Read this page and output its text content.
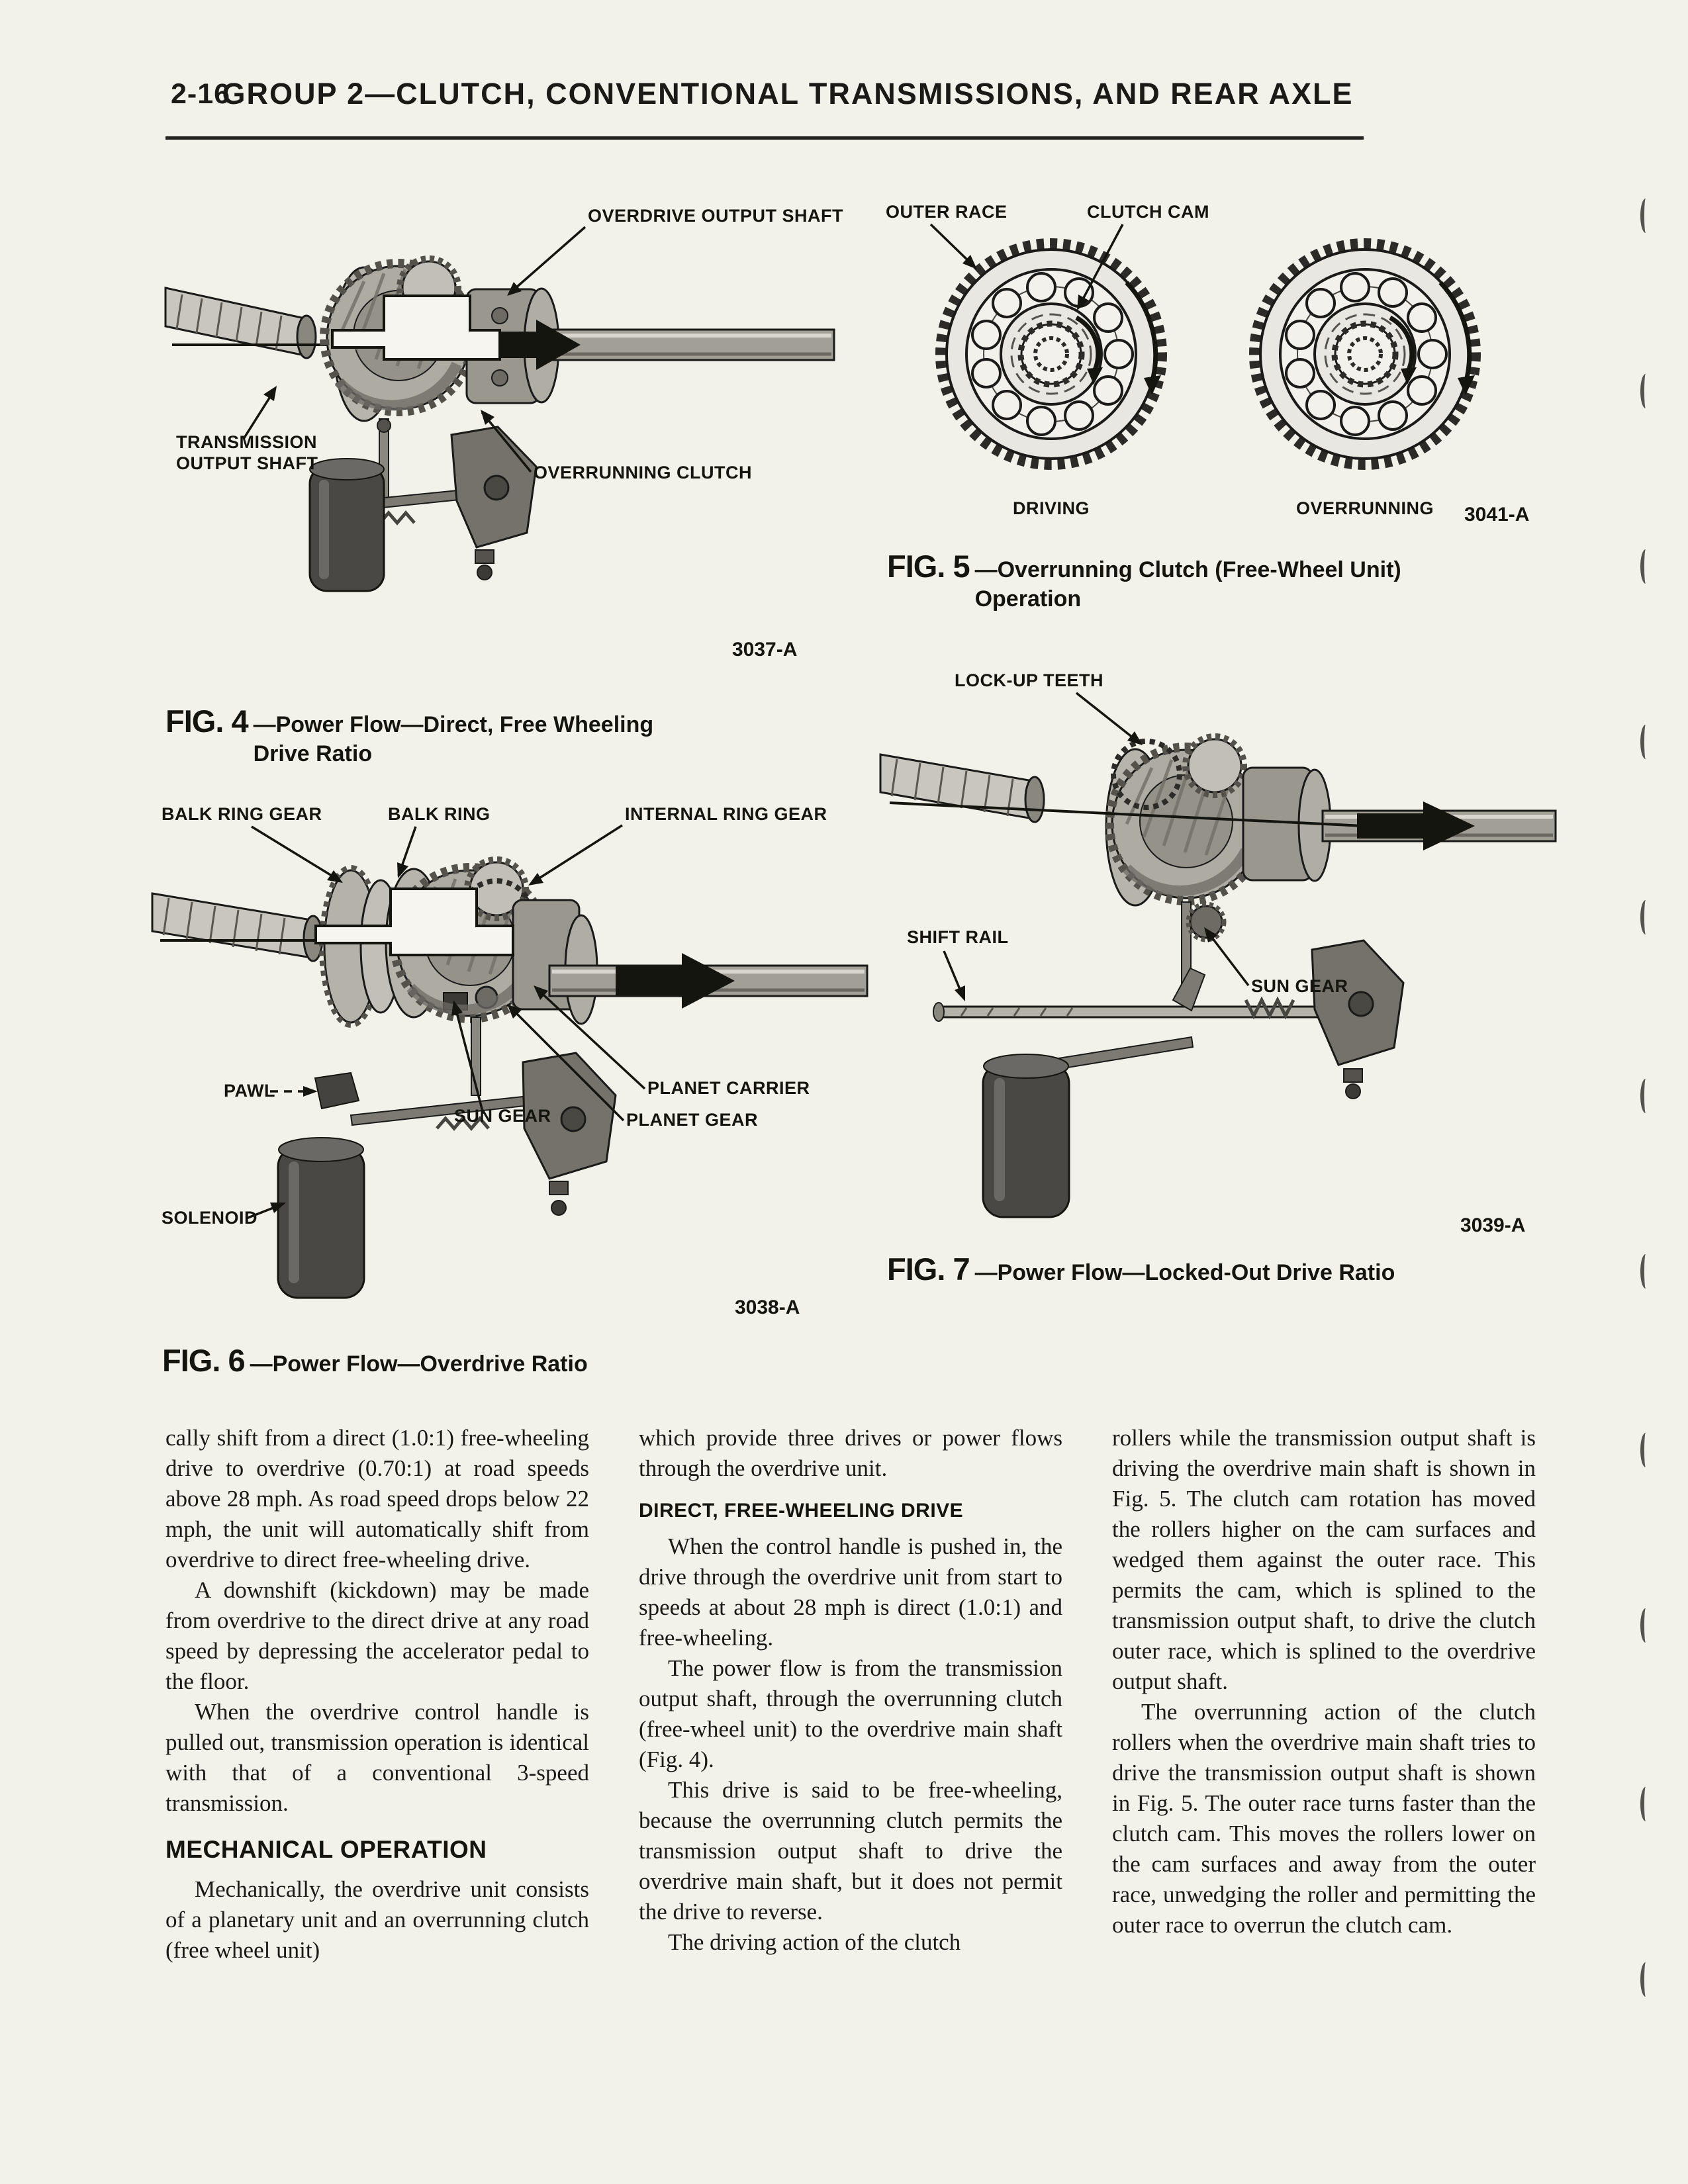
2-16
GROUP 2—CLUTCH, CONVENTIONAL TRANSMISSIONS, AND REAR AXLE
OVERDRIVE OUTPUT SHAFT
TRANSMISSION
OUTPUT SHAFT	OVERRUNNING CLUTCH
3037-A
FIG. 4 —Power Flow—Direct, Free Wheeling
Drive Ratio
OUTER RACE	CLUTCH CAM
DRIVING	OVERRUNNING 3041-A
FIG. 5 —Overrunning Clutch (Free-Wheel Unit)
Operation
LOCK-UP TEETH
SHIFT RAIL
SUN GEAR
3039-A
FIG. 7 —Power Flow—Locked-Out Drive Ratio
BALK RING GEAR	BALK RING	INTERNAL RING GEAR
PAWL
SUN GEAR
PLANET CARRIER
PLANET GEAR
SOLENOID
3038-A
FIG. 6 —Power Flow—Overdrive Ratio

cally shift from a direct (1.0:1) free-wheeling drive to overdrive (0.70:1) at road speeds above 28 mph. As road speed drops below 22 mph, the unit will automatically shift from overdrive to direct free-wheeling drive.

A downshift (kickdown) may be made from overdrive to the direct drive at any road speed by depressing the accelerator pedal to the floor.

When the overdrive control handle is pulled out, transmission operation is identical with that of a conventional 3-speed transmission.

MECHANICAL OPERATION

Mechanically, the overdrive unit consists of a planetary unit and an overrunning clutch (free wheel unit)

which provide three drives or power flows through the overdrive unit.

DIRECT, FREE-WHEELING DRIVE

When the control handle is pushed in, the drive through the overdrive unit from start to speeds at about 28 mph is direct (1.0:1) and free-wheeling.

The power flow is from the transmission output shaft, through the overrunning clutch (free-wheel unit) to the overdrive main shaft (Fig. 4).

This drive is said to be free-wheeling, because the overrunning clutch permits the transmission output shaft to drive the overdrive main shaft, but it does not permit the drive to reverse.

The driving action of the clutch

rollers while the transmission output shaft is driving the overdrive main shaft is shown in Fig. 5. The clutch cam rotation has moved the rollers higher on the cam surfaces and wedged them against the outer race. This permits the cam, which is splined to the transmission output shaft, to drive the clutch outer race, which is splined to the overdrive output shaft.

The overrunning action of the clutch rollers when the overdrive main shaft tries to drive the transmission output shaft is shown in Fig. 5. The outer race turns faster than the clutch cam. This moves the rollers lower on the cam surfaces and away from the outer race, unwedging the roller and permitting the outer race to overrun the clutch cam.
